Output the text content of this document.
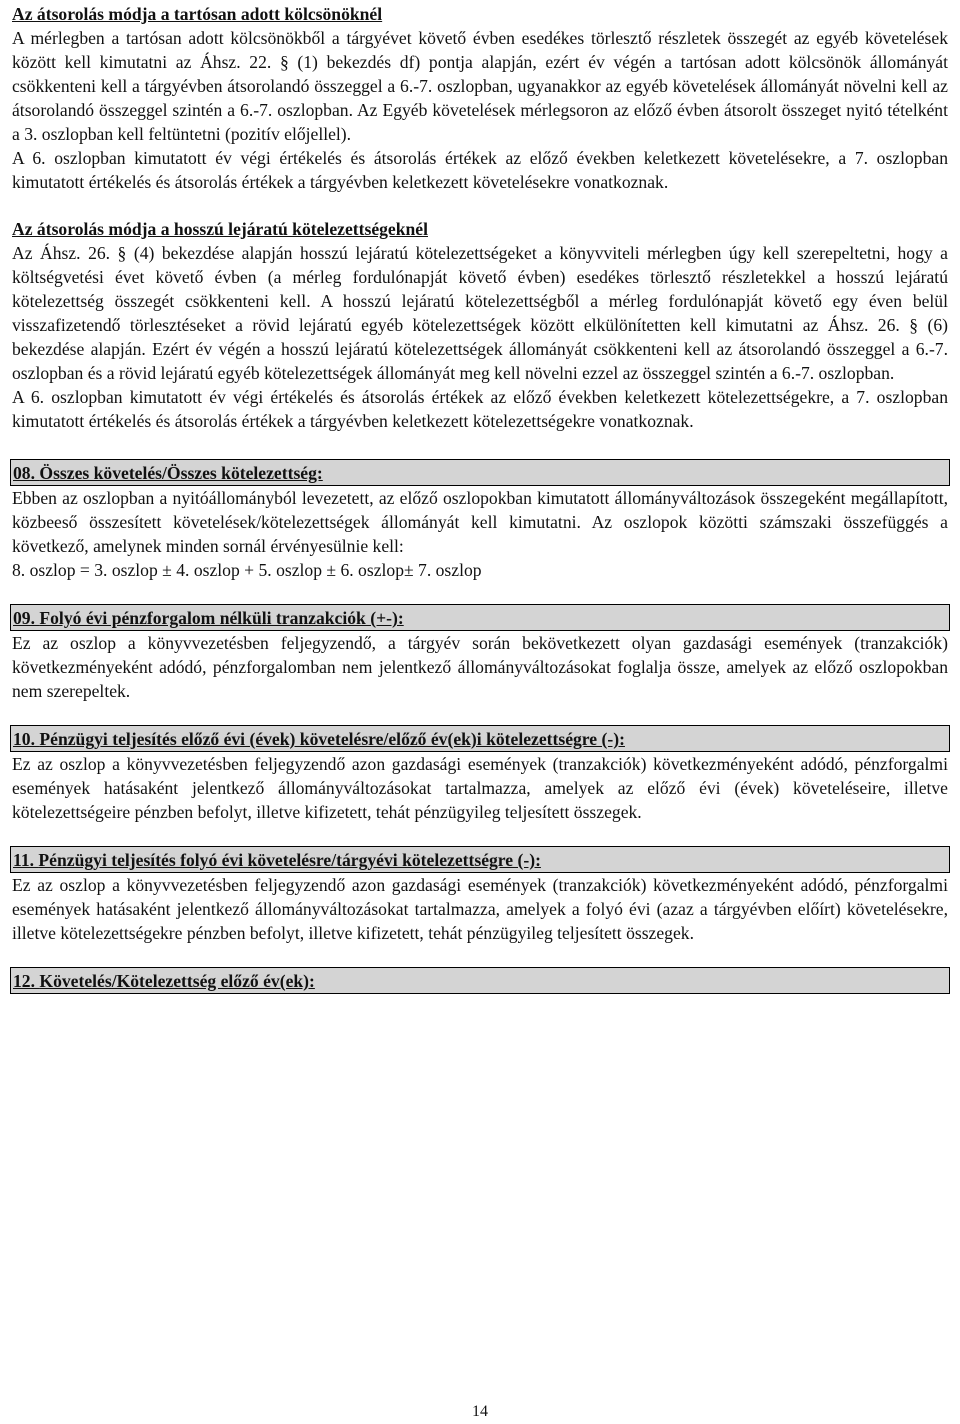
Az átsorolás módja a tartósan adott kölcsönöknél

A mérlegben a tartósan adott kölcsönökből a tárgyévet követő évben esedékes törlesztő részletek összegét az egyéb követelések között kell kimutatni az Áhsz. 22. § (1) bekezdés df) pontja alapján, ezért év végén a tartósan adott kölcsönök állományát csökkenteni kell a tárgyévben átsorolandó összeggel a 6.-7. oszlopban, ugyanakkor az egyéb követelések állományát növelni kell az átsorolandó összeggel szintén a 6.-7. oszlopban. Az Egyéb követelések mérlegsoron az előző évben átsorolt összeget nyitó tételként a 3. oszlopban kell feltüntetni (pozitív előjellel).

A 6. oszlopban kimutatott év végi értékelés és átsorolás értékek az előző években keletkezett követelésekre, a 7. oszlopban kimutatott értékelés és átsorolás értékek a tárgyévben keletkezett követelésekre vonatkoznak.

Az átsorolás módja a hosszú lejáratú kötelezettségeknél

Az Áhsz. 26. § (4) bekezdése alapján hosszú lejáratú kötelezettségeket a könyvviteli mérlegben úgy kell szerepeltetni, hogy a költségvetési évet követő évben (a mérleg fordulónapját követő évben) esedékes törlesztő részletekkel a hosszú lejáratú kötelezettség összegét csökkenteni kell. A hosszú lejáratú kötelezettségből a mérleg fordulónapját követő egy éven belül visszafizetendő törlesztéseket a rövid lejáratú egyéb kötelezettségek között elkülönítetten kell kimutatni az Áhsz. 26. § (6) bekezdése alapján. Ezért év végén a hosszú lejáratú kötelezettségek állományát csökkenteni kell az átsorolandó összeggel a 6.-7. oszlopban és a rövid lejáratú egyéb kötelezettségek állományát meg kell növelni ezzel az összeggel szintén a 6.-7. oszlopban.

A 6. oszlopban kimutatott év végi értékelés és átsorolás értékek az előző években keletkezett kötelezettségekre, a 7. oszlopban kimutatott értékelés és átsorolás értékek a tárgyévben keletkezett kötelezettségekre vonatkoznak.

08. Összes követelés/Összes kötelezettség:

Ebben az oszlopban a nyitóállományból levezetett, az előző oszlopokban kimutatott állományváltozások összegeként megállapított, közbeeső összesített követelések/kötelezettségek állományát kell kimutatni. Az oszlopok közötti számszaki összefüggés a következő, amelynek minden sornál érvényesülnie kell:

8. oszlop = 3. oszlop ± 4. oszlop + 5. oszlop ± 6. oszlop± 7. oszlop

09. Folyó évi pénzforgalom nélküli tranzakciók (+-):

Ez az oszlop a könyvvezetésben feljegyzendő, a tárgyév során bekövetkezett olyan gazdasági események (tranzakciók) következményeként adódó, pénzforgalomban nem jelentkező állományváltozásokat foglalja össze, amelyek az előző oszlopokban nem szerepeltek.

10. Pénzügyi teljesítés előző évi (évek) követelésre/előző év(ek)i kötelezettségre (-):

Ez az oszlop a könyvvezetésben feljegyzendő azon gazdasági események (tranzakciók) következményeként adódó, pénzforgalmi események hatásaként jelentkező állományváltozásokat tartalmazza, amelyek az előző évi (évek) követeléseire, illetve kötelezettségeire pénzben befolyt, illetve kifizetett, tehát pénzügyileg teljesített összegek.

11. Pénzügyi teljesítés folyó évi követelésre/tárgyévi kötelezettségre (-):

Ez az oszlop a könyvvezetésben feljegyzendő azon gazdasági események (tranzakciók) következményeként adódó, pénzforgalmi események hatásaként jelentkező állományváltozásokat tartalmazza, amelyek a folyó évi (azaz a tárgyévben előírt) követelésekre, illetve kötelezettségekre pénzben befolyt, illetve kifizetett, tehát pénzügyileg teljesített összegek.

12. Követelés/Kötelezettség előző év(ek):
14
